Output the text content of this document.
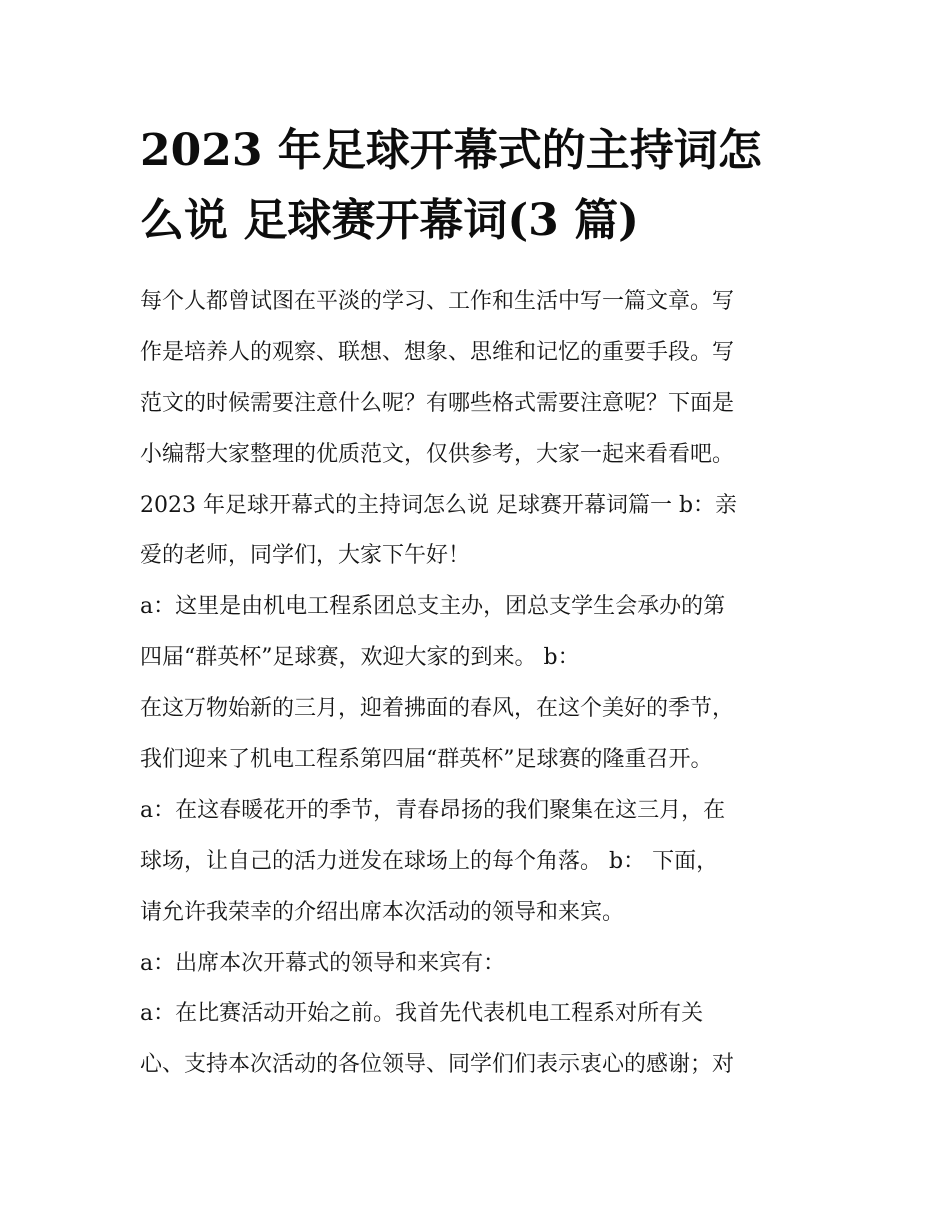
2023 年足球开幕式的主持词怎
么说 足球赛开幕词(3 篇)
每个人都曾试图在平淡的学习、工作和生活中写一篇文章。写
作是培养人的观察、联想、想象、思维和记忆的重要手段。写
范文的时候需要注意什么呢？有哪些格式需要注意呢？下面是
小编帮大家整理的优质范文，仅供参考，大家一起来看看吧。
2023 年足球开幕式的主持词怎么说 足球赛开幕词篇一 b：亲
爱的老师，同学们，大家下午好！
a：这里是由机电工程系团总支主办，团总支学生会承办的第
四届“群英杯”足球赛，欢迎大家的到来。 b：
在这万物始新的三月，迎着拂面的春风，在这个美好的季节，
我们迎来了机电工程系第四届“群英杯”足球赛的隆重召开。
a：在这春暖花开的季节，青春昂扬的我们聚集在这三月，在
球场，让自己的活力迸发在球场上的每个角落。 b： 下面，
请允许我荣幸的介绍出席本次活动的领导和来宾。
a：出席本次开幕式的领导和来宾有：
a：在比赛活动开始之前。我首先代表机电工程系对所有关
心、支持本次活动的各位领导、同学们们表示衷心的感谢；对
